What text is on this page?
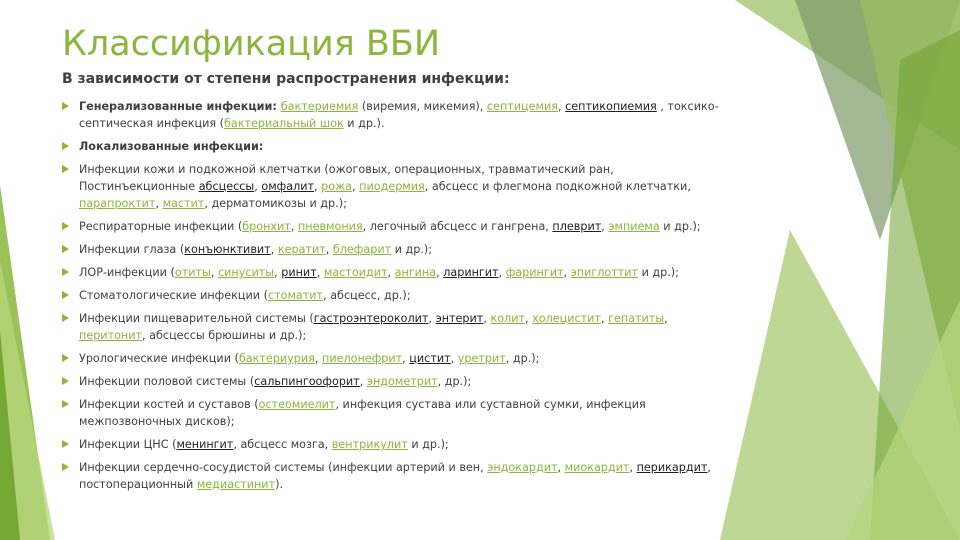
Классификация ВБИ
В зависимости от степени распространения инфекции:
Генерализованные инфекции: бактериемия (виремия, микемия), септицемия, септикопиемия , токсико-септическая инфекция (бактериальный шок и др.).
Локализованные инфекции:
Инфекции кожи и подкожной клетчатки (ожоговых, операционных, травматический ран, Постинъекционные абсцессы, омфалит, рожа, пиодермия, абсцесс и флегмона подкожной клетчатки, парапроктит, мастит, дерматомикозы и др.);
Респираторные инфекции (бронхит, пневмония, легочный абсцесс и гангрена, плеврит, эмпиема и др.);
Инфекции глаза (конъюнктивит, кератит, блефарит и др.);
ЛОР-инфекции (отиты, синуситы, ринит, мастоидит, ангина, ларингит, фарингит, эпиглоттит и др.);
Стоматологические инфекции (стоматит, абсцесс, др.);
Инфекции пищеварительной системы (гастроэнтероколит, энтерит, колит, холецистит, гепатиты, перитонит, абсцессы брюшины и др.);
Урологические инфекции (бактериурия, пиелонефрит, цистит, уретрит, др.);
Инфекции половой системы (сальпингоофорит, эндометрит, др.);
Инфекции костей и суставов (остеомиелит, инфекция сустава или суставной сумки, инфекция межпозвоночных дисков);
Инфекции ЦНС (менингит, абсцесс мозга, вентрикулит и др.);
Инфекции сердечно-сосудистой системы (инфекции артерий и вен, эндокардит, миокардит, перикардит, постоперационный медиастинит).
